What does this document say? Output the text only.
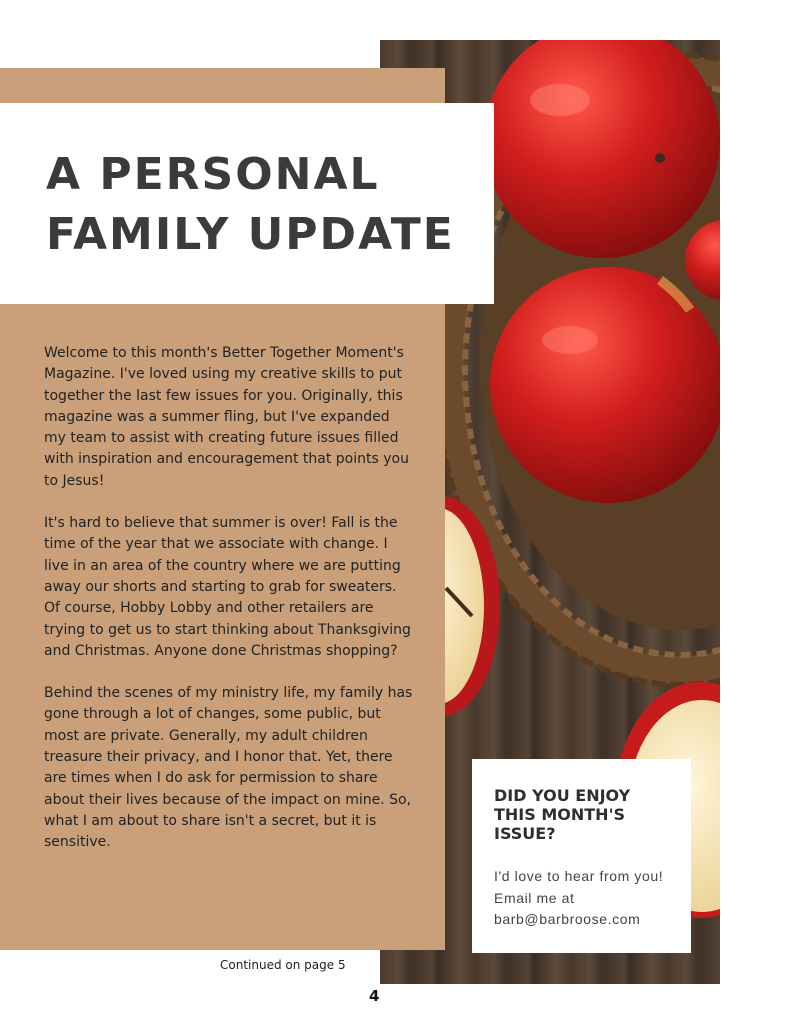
A PERSONAL
FAMILY UPDATE

Welcome to this month's Better Together Moment's Magazine. I've loved using my creative skills to put together the last few issues for you. Originally, this magazine was a summer fling, but I've expanded my team to assist with creating future issues filled with inspiration and encouragement that points you to Jesus!

It's hard to believe that summer is over! Fall is the time of the year that we associate with change. I live in an area of the country where we are putting away our shorts and starting to grab for sweaters. Of course, Hobby Lobby and other retailers are trying to get us to start thinking about Thanksgiving and Christmas. Anyone done Christmas shopping?

Behind the scenes of my ministry life, my family has gone through a lot of changes, some public, but most are private. Generally, my adult children treasure their privacy, and I honor that. Yet, there are times when I do ask for permission to share about their lives because of the impact on mine. So, what I am about to share isn't a secret, but it is sensitive.

Continued on page 5
4
DID YOU ENJOY THIS MONTH'S ISSUE?

I'd love to hear from you! Email me at barb@barbroose.com
